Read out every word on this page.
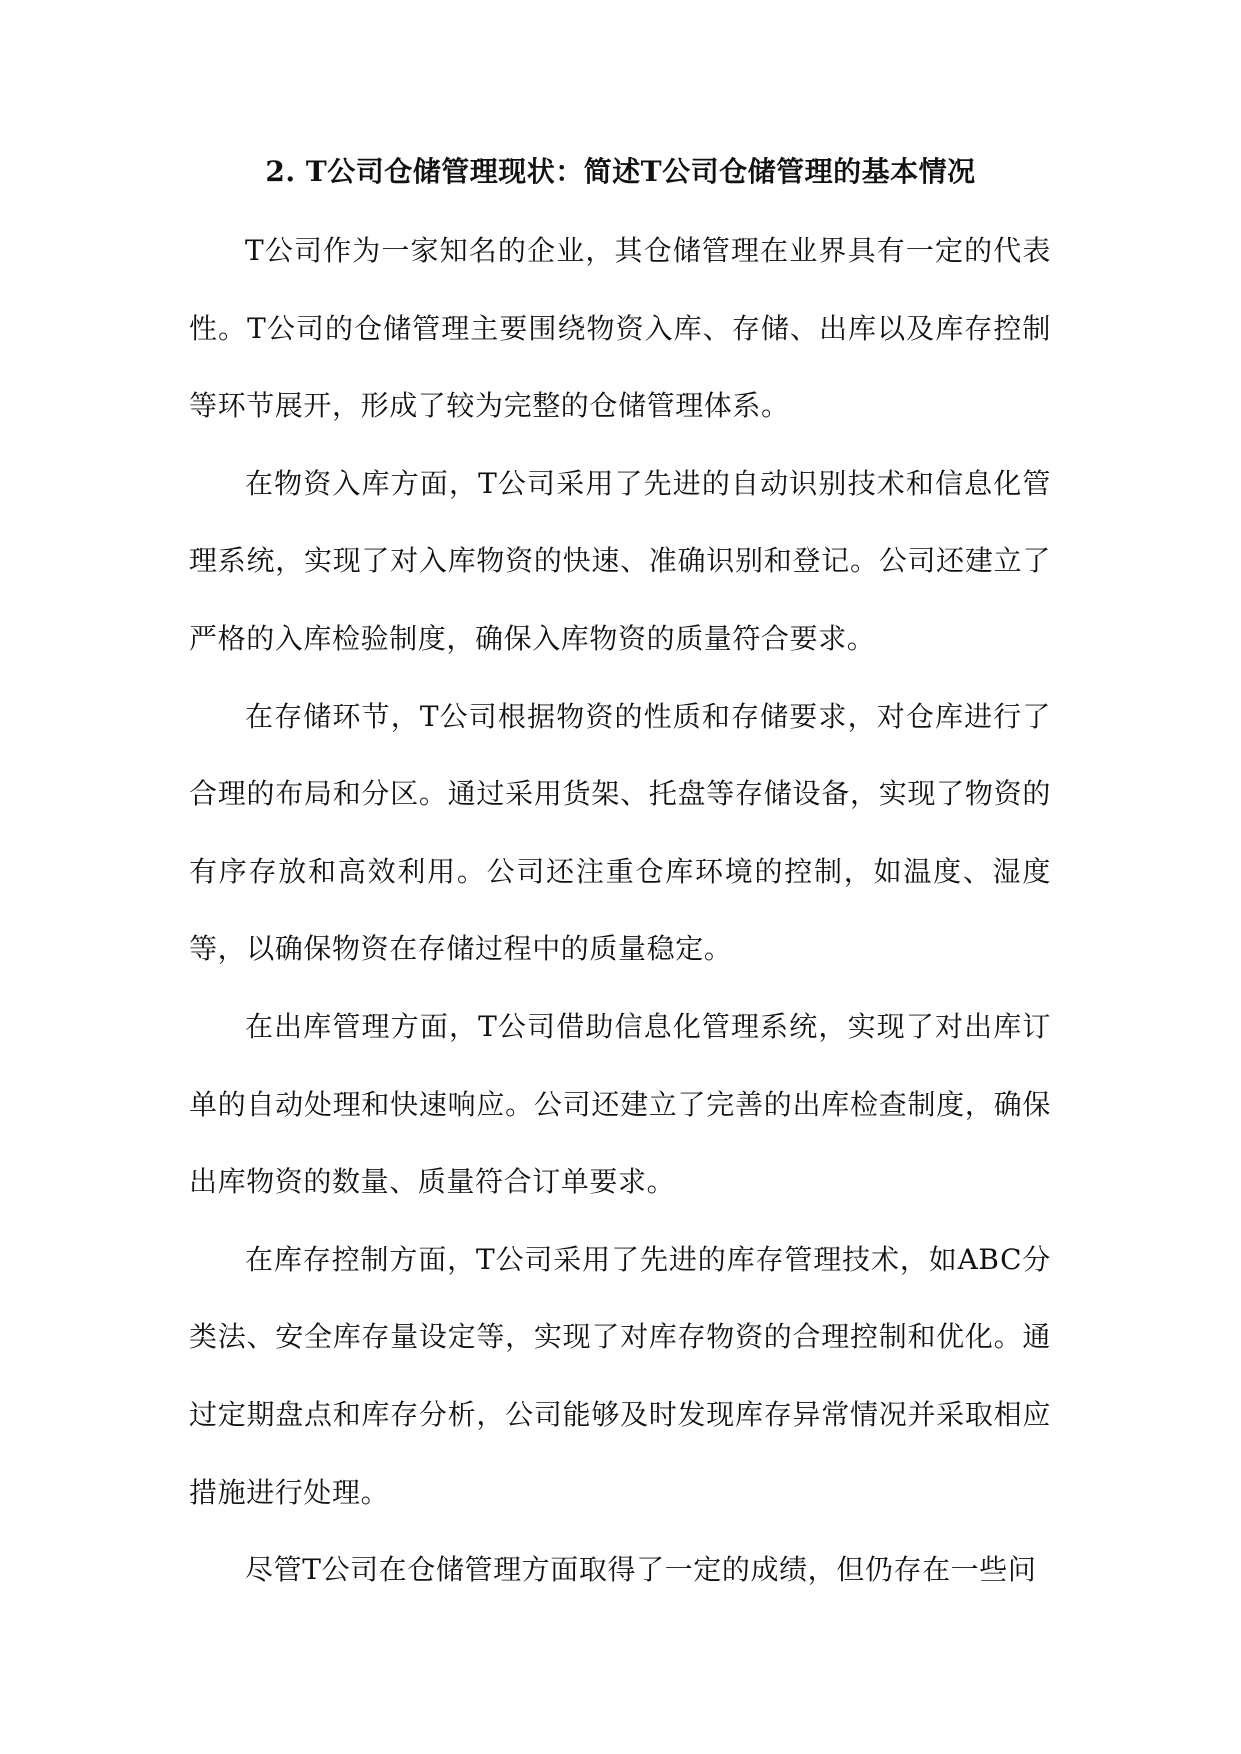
2. T公司仓储管理现状：简述T公司仓储管理的基本情况

T公司作为一家知名的企业，其仓储管理在业界具有一定的代表性。T公司的仓储管理主要围绕物资入库、存储、出库以及库存控制等环节展开，形成了较为完整的仓储管理体系。

在物资入库方面，T公司采用了先进的自动识别技术和信息化管理系统，实现了对入库物资的快速、准确识别和登记。公司还建立了严格的入库检验制度，确保入库物资的质量符合要求。

在存储环节，T公司根据物资的性质和存储要求，对仓库进行了合理的布局和分区。通过采用货架、托盘等存储设备，实现了物资的有序存放和高效利用。公司还注重仓库环境的控制，如温度、湿度等，以确保物资在存储过程中的质量稳定。

在出库管理方面，T公司借助信息化管理系统，实现了对出库订单的自动处理和快速响应。公司还建立了完善的出库检查制度，确保出库物资的数量、质量符合订单要求。

在库存控制方面，T公司采用了先进的库存管理技术，如ABC分类法、安全库存量设定等，实现了对库存物资的合理控制和优化。通过定期盘点和库存分析，公司能够及时发现库存异常情况并采取相应措施进行处理。

尽管T公司在仓储管理方面取得了一定的成绩，但仍存在一些问
